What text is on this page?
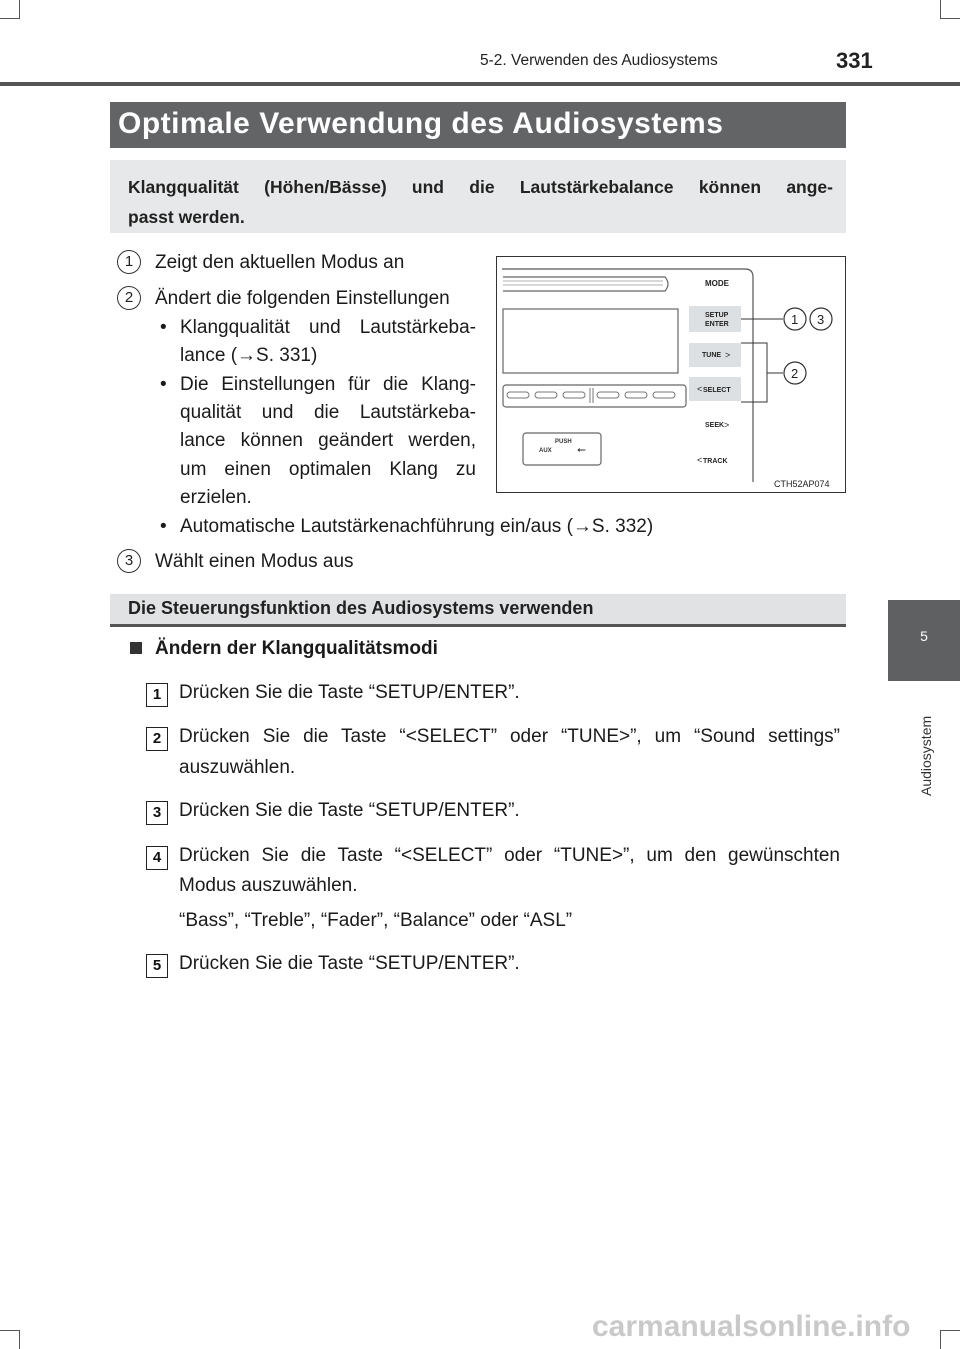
5-2. Verwenden des Audiosystems	331
5
Audiosystem
Optimale Verwendung des Audiosystems
Klangqualität (Höhen/Bässe) und die Lautstärkebalance können ange-
passt werden.
1	Zeigt den aktuellen Modus an
2	Ändert die folgenden Einstellungen
• Klangqualität und Lautstärkeba-
lance (→S. 331)
• Die Einstellungen für die Klang-
qualität und die Lautstärkeba-
lance können geändert werden,
um einen optimalen Klang zu
erzielen.
• Automatische Lautstärkenachführung ein/aus (→S. 332)
3	Wählt einen Modus aus
PUSH
AUX ⭠
MODE
SETUP
ENTER
TUNE >
< SELECT
SEEK >
< TRACK
1 3
2
CTH52AP074
Die Steuerungsfunktion des Audiosystems verwenden
Ändern der Klangqualitätsmodi
1 Drücken Sie die Taste “SETUP/ENTER”.
2 Drücken Sie die Taste “<SELECT” oder “TUNE>”, um “Sound settings”
auszuwählen.
3 Drücken Sie die Taste “SETUP/ENTER”.
4 Drücken Sie die Taste “<SELECT” oder “TUNE>”, um den gewünschten
Modus auszuwählen.
“Bass”, “Treble”, “Fader”, “Balance” oder “ASL”
5 Drücken Sie die Taste “SETUP/ENTER”.
carmanualsonline.info
